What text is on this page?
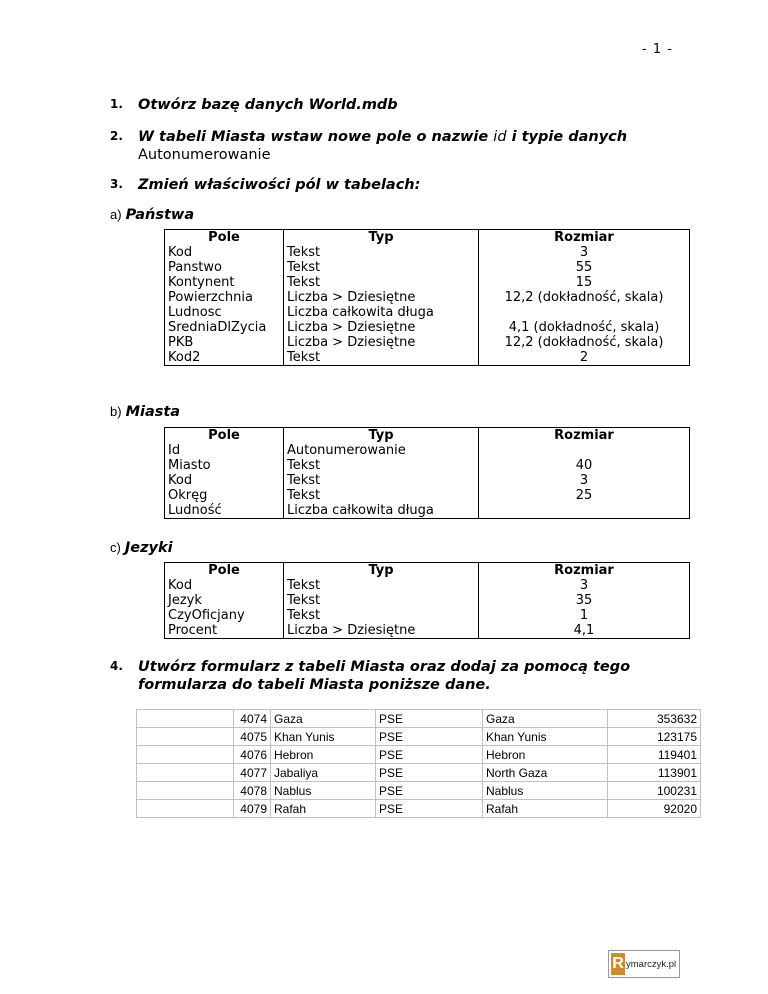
- 1 -
1. Otwórz bazę danych World.mdb
2. W tabeli Miasta wstaw nowe pole o nazwie id i typie danych
Autonumerowanie
3. Zmień właściwości pól w tabelach:
a) Państwa
Pole	Typ	Rozmiar
Kod	Tekst	3
Panstwo	Tekst	55
Kontynent	Tekst	15
Powierzchnia	Liczba > Dziesiętne	12,2 (dokładność, skala)
Ludnosc	Liczba całkowita długa	
SredniaDlZycia	Liczba > Dziesiętne	4,1 (dokładność, skala)
PKB	Liczba > Dziesiętne	12,2 (dokładność, skala)
Kod2	Tekst	2
b) Miasta
Pole	Typ	Rozmiar
Id	Autonumerowanie	
Miasto	Tekst	40
Kod	Tekst	3
Okręg	Tekst	25
Ludność	Liczba całkowita długa	
c) Jezyki
Pole	Typ	Rozmiar
Kod	Tekst	3
Jezyk	Tekst	35
CzyOficjany	Tekst	1
Procent	Liczba > Dziesiętne	4,1
4. Utwórz formularz z tabeli Miasta oraz dodaj za pomocą tego
formularza do tabeli Miasta poniższe dane.
	4074	Gaza	PSE	Gaza	353632
	4075	Khan Yunis	PSE	Khan Yunis	123175
	4076	Hebron	PSE	Hebron	119401
	4077	Jabaliya	PSE	North Gaza	113901
	4078	Nablus	PSE	Nablus	100231
	4079	Rafah	PSE	Rafah	92020
R ymarczyk.pl
